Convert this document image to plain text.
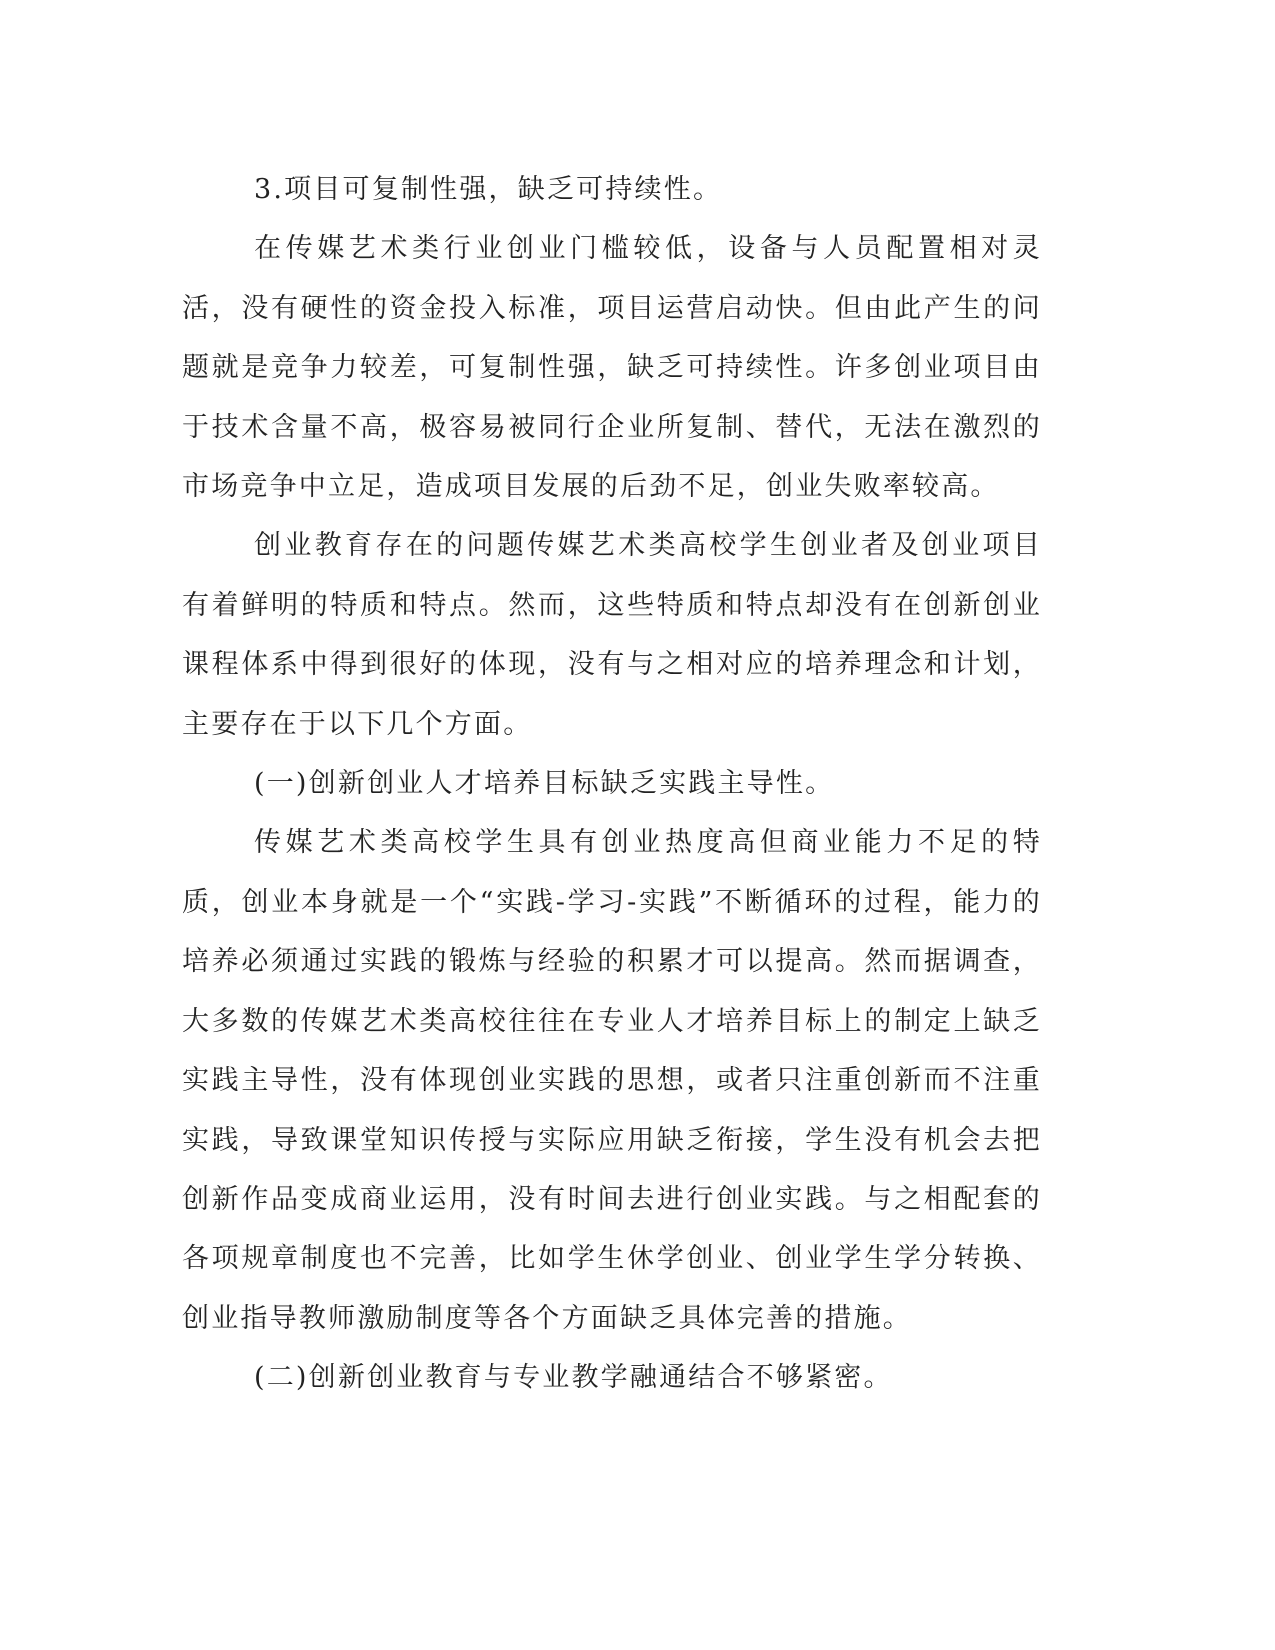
3.项目可复制性强，缺乏可持续性。

在传媒艺术类行业创业门槛较低，设备与人员配置相对灵活，没有硬性的资金投入标准，项目运营启动快。但由此产生的问题就是竞争力较差，可复制性强，缺乏可持续性。许多创业项目由于技术含量不高，极容易被同行企业所复制、替代，无法在激烈的市场竞争中立足，造成项目发展的后劲不足，创业失败率较高。

创业教育存在的问题传媒艺术类高校学生创业者及创业项目有着鲜明的特质和特点。然而，这些特质和特点却没有在创新创业课程体系中得到很好的体现，没有与之相对应的培养理念和计划，主要存在于以下几个方面。

(一)创新创业人才培养目标缺乏实践主导性。

传媒艺术类高校学生具有创业热度高但商业能力不足的特质，创业本身就是一个“实践-学习-实践”不断循环的过程，能力的培养必须通过实践的锻炼与经验的积累才可以提高。然而据调查，大多数的传媒艺术类高校往往在专业人才培养目标上的制定上缺乏实践主导性，没有体现创业实践的思想，或者只注重创新而不注重实践，导致课堂知识传授与实际应用缺乏衔接，学生没有机会去把创新作品变成商业运用，没有时间去进行创业实践。与之相配套的各项规章制度也不完善，比如学生休学创业、创业学生学分转换、创业指导教师激励制度等各个方面缺乏具体完善的措施。

(二)创新创业教育与专业教学融通结合不够紧密。
